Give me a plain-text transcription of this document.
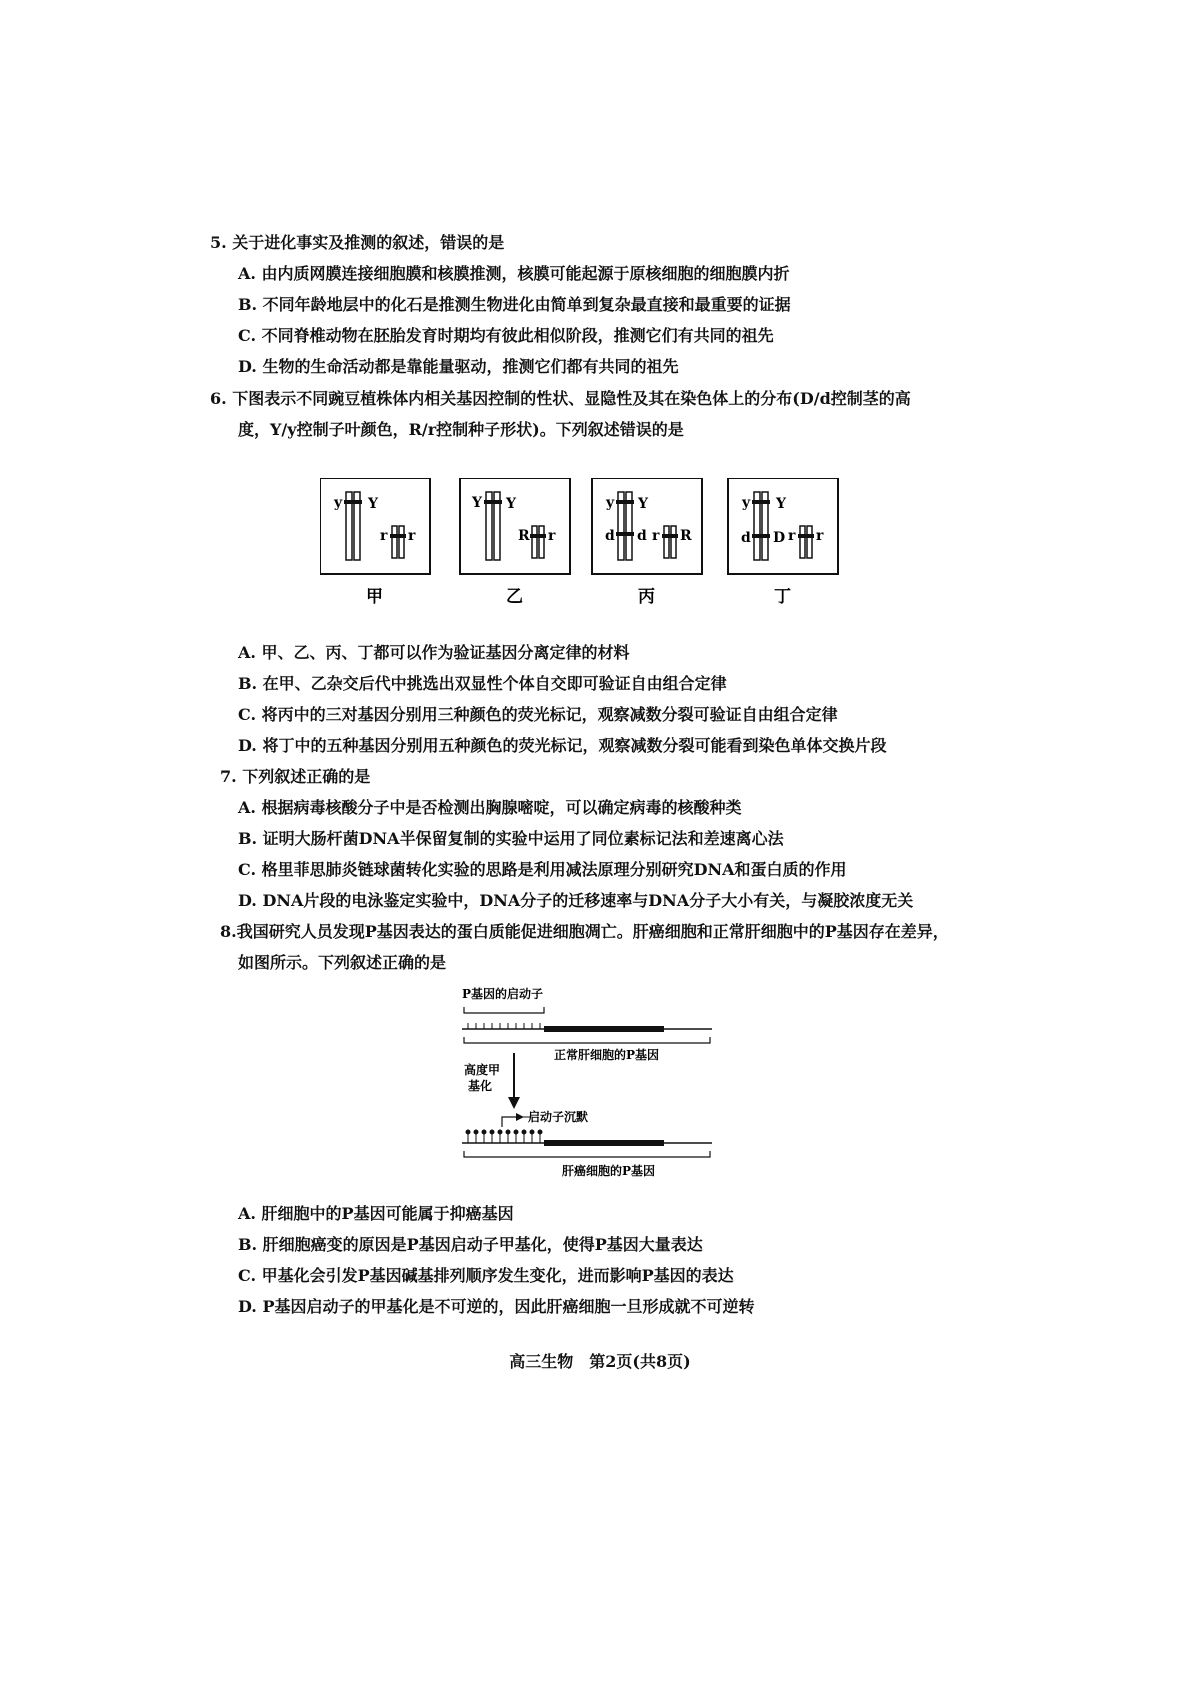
5. 关于进化事实及推测的叙述，错误的是
A. 由内质网膜连接细胞膜和核膜推测，核膜可能起源于原核细胞的细胞膜内折
B. 不同年龄地层中的化石是推测生物进化由简单到复杂最直接和最重要的证据
C. 不同脊椎动物在胚胎发育时期均有彼此相似阶段，推测它们有共同的祖先
D. 生物的生命活动都是靠能量驱动，推测它们都有共同的祖先
6. 下图表示不同豌豆植株体内相关基因控制的性状、显隐性及其在染色体上的分布(D/d控制茎的高
度，Y/y控制子叶颜色，R/r控制种子形状)。下列叙述错误的是
y Y
r r
甲
Y Y
R r
乙
y Y
d d r R
丙
y Y
d D r r
丁
A. 甲、乙、丙、丁都可以作为验证基因分离定律的材料
B. 在甲、乙杂交后代中挑选出双显性个体自交即可验证自由组合定律
C. 将丙中的三对基因分别用三种颜色的荧光标记，观察减数分裂可验证自由组合定律
D. 将丁中的五种基因分别用五种颜色的荧光标记，观察减数分裂可能看到染色单体交换片段
7. 下列叙述正确的是
A. 根据病毒核酸分子中是否检测出胸腺嘧啶，可以确定病毒的核酸种类
B. 证明大肠杆菌DNA半保留复制的实验中运用了同位素标记法和差速离心法
C. 格里菲思肺炎链球菌转化实验的思路是利用减法原理分别研究DNA和蛋白质的作用
D. DNA片段的电泳鉴定实验中，DNA分子的迁移速率与DNA分子大小有关，与凝胶浓度无关
8.我国研究人员发现P基因表达的蛋白质能促进细胞凋亡。肝癌细胞和正常肝细胞中的P基因存在差异，
如图所示。下列叙述正确的是
P基因的启动子
正常肝细胞的P基因
高度甲
基化
启动子沉默
肝癌细胞的P基因
A. 肝细胞中的P基因可能属于抑癌基因
B. 肝细胞癌变的原因是P基因启动子甲基化，使得P基因大量表达
C. 甲基化会引发P基因碱基排列顺序发生变化，进而影响P基因的表达
D. P基因启动子的甲基化是不可逆的，因此肝癌细胞一旦形成就不可逆转
高三生物　第2页(共8页)
